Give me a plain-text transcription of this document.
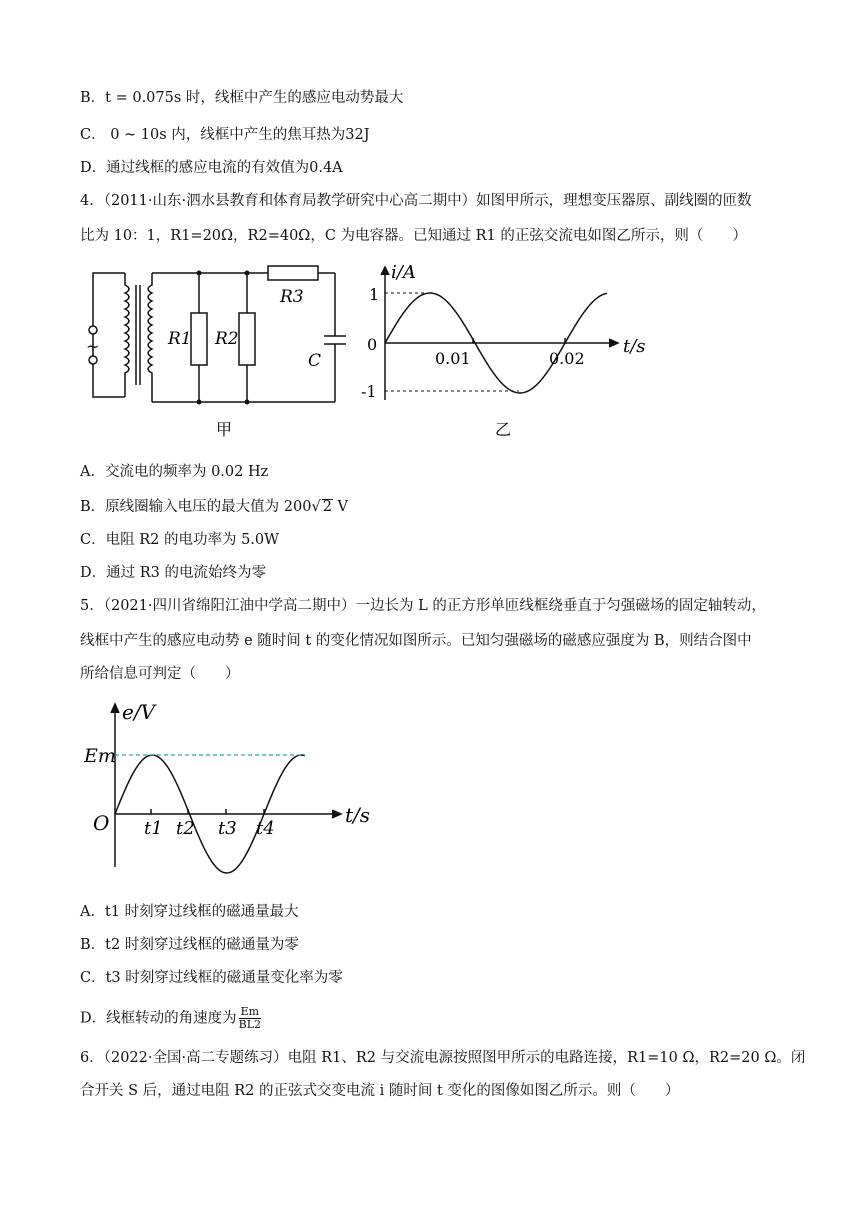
B．t = 0.075s 时，线框中产生的感应电动势最大
C． 0 ~ 10s 内，线框中产生的焦耳热为32J
D．通过线框的感应电流的有效值为0.4A
4．（2011·山东·泗水县教育和体育局教学研究中心高二期中）如图甲所示，理想变压器原、副线圈的匝数
比为 10：1，R1=20Ω，R2=40Ω，C 为电容器。已知通过 R1 的正弦交流电如图乙所示，则（　　）
~	R1 R2
R3
C
甲
i/A
t/s
1
0
-1
0.01	0.02
乙
A．交流电的频率为 0.02 Hz
B．原线圈输入电压的最大值为 200√ 2 V
C．电阻 R2 的电功率为 5.0W
D．通过 R3 的电流始终为零
5．（2021·四川省绵阳江油中学高二期中）一边长为 L 的正方形单匝线框绕垂直于匀强磁场的固定轴转动，
线框中产生的感应电动势 e 随时间 t 的变化情况如图所示。已知匀强磁场的磁感应强度为 B，则结合图中
所给信息可判定（　　）
e/V
t/s
Em
O t1 t2 t3 t4
A．t1 时刻穿过线框的磁通量最大
B．t2 时刻穿过线框的磁通量为零
C．t3 时刻穿过线框的磁通量变化率为零
D．线框转动的角速度为 $\frac{Em}{BL2}$
6．（2022·全国·高二专题练习）电阻 R1、R2 与交流电源按照图甲所示的电路连接，R1=10 Ω，R2=20 Ω。闭
合开关 S 后，通过电阻 R2 的正弦式交变电流 i 随时间 t 变化的图像如图乙所示。则（　　）
